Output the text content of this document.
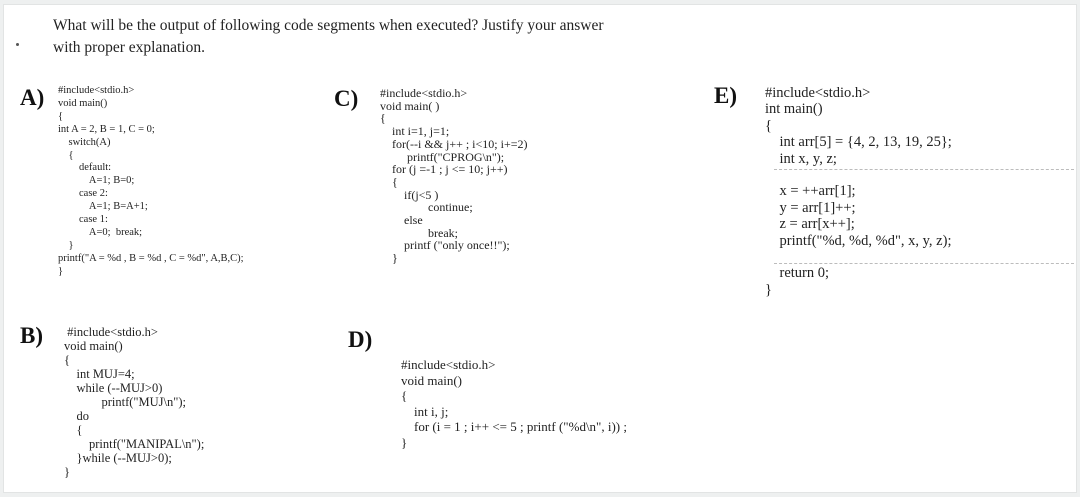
What will be the output of following code segments when executed? Justify your answer
with proper explanation.
A) #include<stdio.h>
void main()
{
int A = 2, B = 1, C = 0;
switch(A)
{
default:
A=1; B=0;
case 2:
A=1; B=A+1;
case 1:
A=0;  break;
}
printf("A = %d , B = %d , C = %d", A,B,C);
}
B) #include<stdio.h>
void main()
{
int MUJ=4;
while (--MUJ>0)
printf("MUJ\n");
do
{
printf("MANIPAL\n");
}while (--MUJ>0);
}
C) #include<stdio.h>
void main( )
{
int i=1, j=1;
for(--i && j++ ; i<10; i+=2)
printf("CPROG\n");
for (j =-1 ; j <= 10; j++)
{
if(j<5 )
continue;
else
break;
printf ("only once!!");
}
D)
#include<stdio.h>
void main()
{
int i, j;
for (i = 1 ; i++ <= 5 ; printf ("%d\n", i)) ;
}
E) #include<stdio.h>
int main()
{
int arr[5] = {4, 2, 13, 19, 25};
int x, y, z;

x = ++arr[1];
y = arr[1]++;
z = arr[x++];
printf("%d, %d, %d", x, y, z);

return 0;
}
